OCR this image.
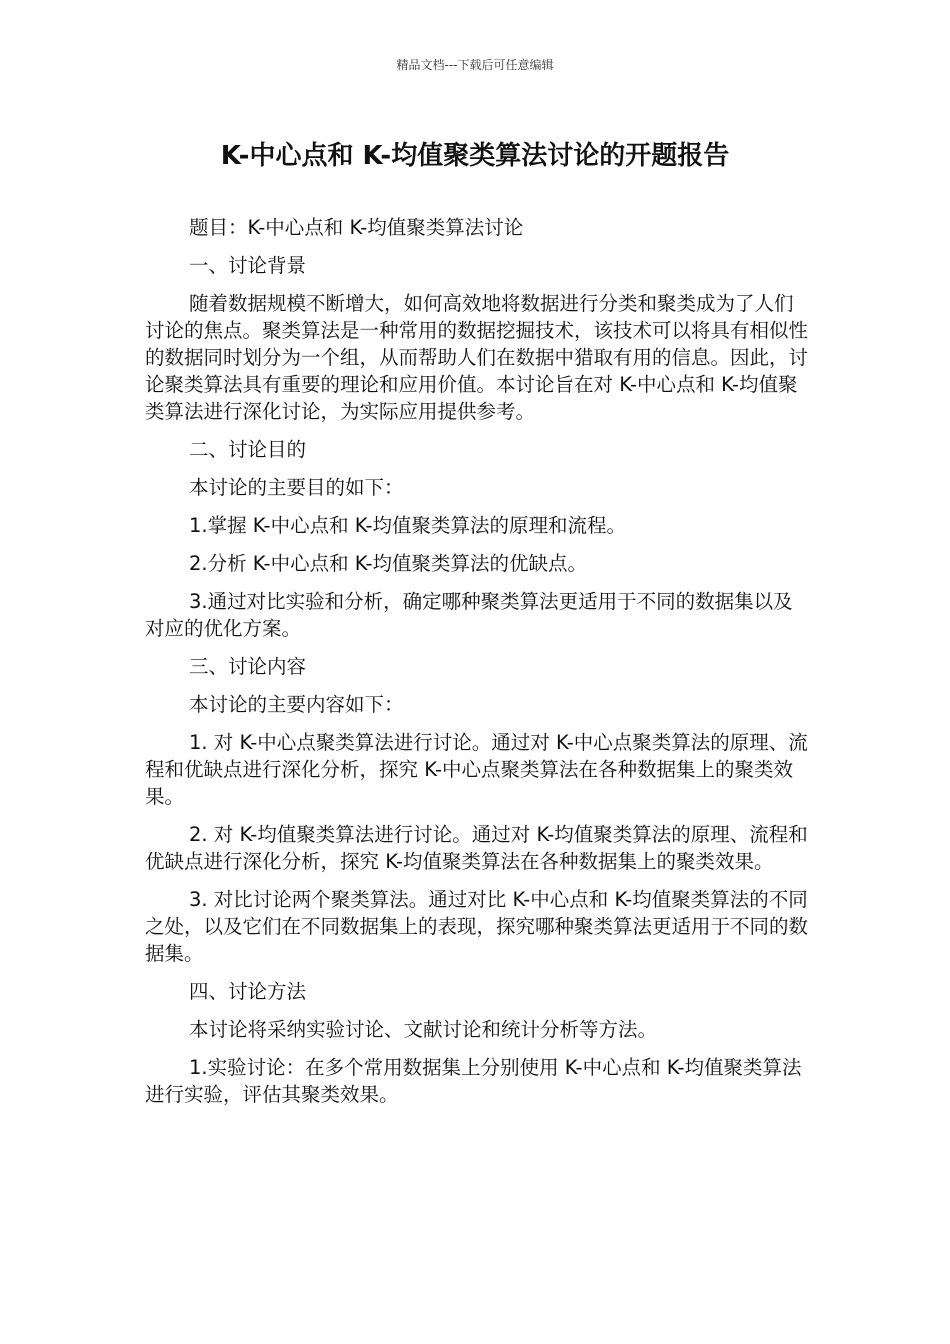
精品文档---下载后可任意编辑
K-中心点和 K-均值聚类算法讨论的开题报告

题目：K-中心点和 K-均值聚类算法讨论

一、讨论背景

随着数据规模不断增大，如何高效地将数据进行分类和聚类成为了人们讨论的焦点。聚类算法是一种常用的数据挖掘技术，该技术可以将具有相似性的数据同时划分为一个组，从而帮助人们在数据中猎取有用的信息。因此，讨论聚类算法具有重要的理论和应用价值。本讨论旨在对 K-中心点和 K-均值聚类算法进行深化讨论，为实际应用提供参考。

二、讨论目的

本讨论的主要目的如下：

1.掌握 K-中心点和 K-均值聚类算法的原理和流程。

2.分析 K-中心点和 K-均值聚类算法的优缺点。

3.通过对比实验和分析，确定哪种聚类算法更适用于不同的数据集以及对应的优化方案。

三、讨论内容

本讨论的主要内容如下：

1. 对 K-中心点聚类算法进行讨论。通过对 K-中心点聚类算法的原理、流程和优缺点进行深化分析，探究 K-中心点聚类算法在各种数据集上的聚类效果。

2. 对 K-均值聚类算法进行讨论。通过对 K-均值聚类算法的原理、流程和优缺点进行深化分析，探究 K-均值聚类算法在各种数据集上的聚类效果。

3. 对比讨论两个聚类算法。通过对比 K-中心点和 K-均值聚类算法的不同之处，以及它们在不同数据集上的表现，探究哪种聚类算法更适用于不同的数据集。

四、讨论方法

本讨论将采纳实验讨论、文献讨论和统计分析等方法。

1.实验讨论：在多个常用数据集上分别使用 K-中心点和 K-均值聚类算法进行实验，评估其聚类效果。
